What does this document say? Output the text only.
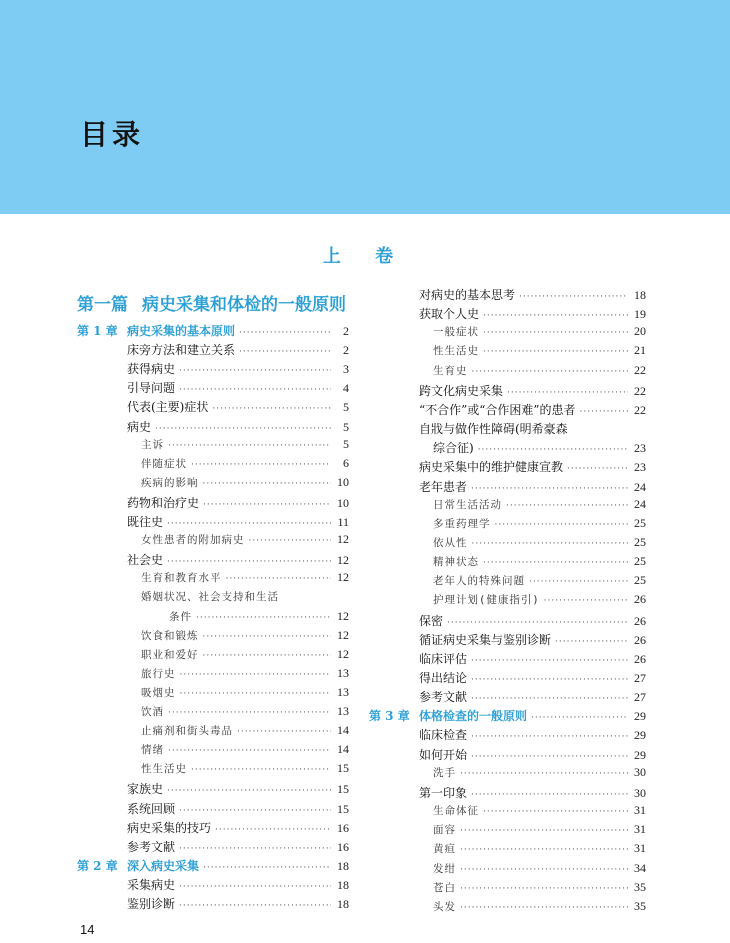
目录
上 卷
第一篇 病史采集和体检的一般原则
第 1 章 病史采集的基本原则 ·····	2
床旁方法和建立关系 ·····	2
获得病史 ·····	3
引导问题 ·····	4
代表(主要)症状 ·····	5
病史 ·····	5
主诉 ·····	5
伴随症状 ·····	6
疾病的影响 ·····	10
药物和治疗史 ·····	10
既往史 ·····	11
女性患者的附加病史 ·····	12
社会史 ·····	12
生育和教育水平 ·····	12
婚姻状况、社会支持和生活
条件 ·····	12
饮食和锻炼 ·····	12
职业和爱好 ·····	12
旅行史 ·····	13
吸烟史 ·····	13
饮酒 ·····	13
止痛剂和街头毒品 ·····	14
情绪 ·····	14
性生活史 ·····	15
家族史 ·····	15
系统回顾 ·····	15
病史采集的技巧 ·····	16
参考文献 ·····	16
第 2 章 深入病史采集 ·····	18
采集病史 ·····	18
鉴别诊断 ·····	18
对病史的基本思考 ·····	18
获取个人史 ·····	19
一般症状 ·····	20
性生活史 ·····	21
生育史 ·····	22
跨文化病史采集 ·····	22
“不合作”或“合作困难”的患者 ·····	22
自戕与做作性障碍(明希豪森
综合征) ·····	23
病史采集中的维护健康宣教 ·····	23
老年患者 ·····	24
日常生活活动 ·····	24
多重药理学 ·····	25
依从性 ·····	25
精神状态 ·····	25
老年人的特殊问题 ·····	25
护理计划(健康指引) ·····	26
保密 ·····	26
循证病史采集与鉴别诊断 ·····	26
临床评估 ·····	26
得出结论 ·····	27
参考文献 ·····	27
第 3 章 体格检查的一般原则 ·····	29
临床检查 ·····	29
如何开始 ·····	29
洗手 ·····	30
第一印象 ·····	30
生命体征 ·····	31
面容 ·····	31
黄疸 ·····	31
发绀 ·····	34
苍白 ·····	35
头发 ·····	35
14
